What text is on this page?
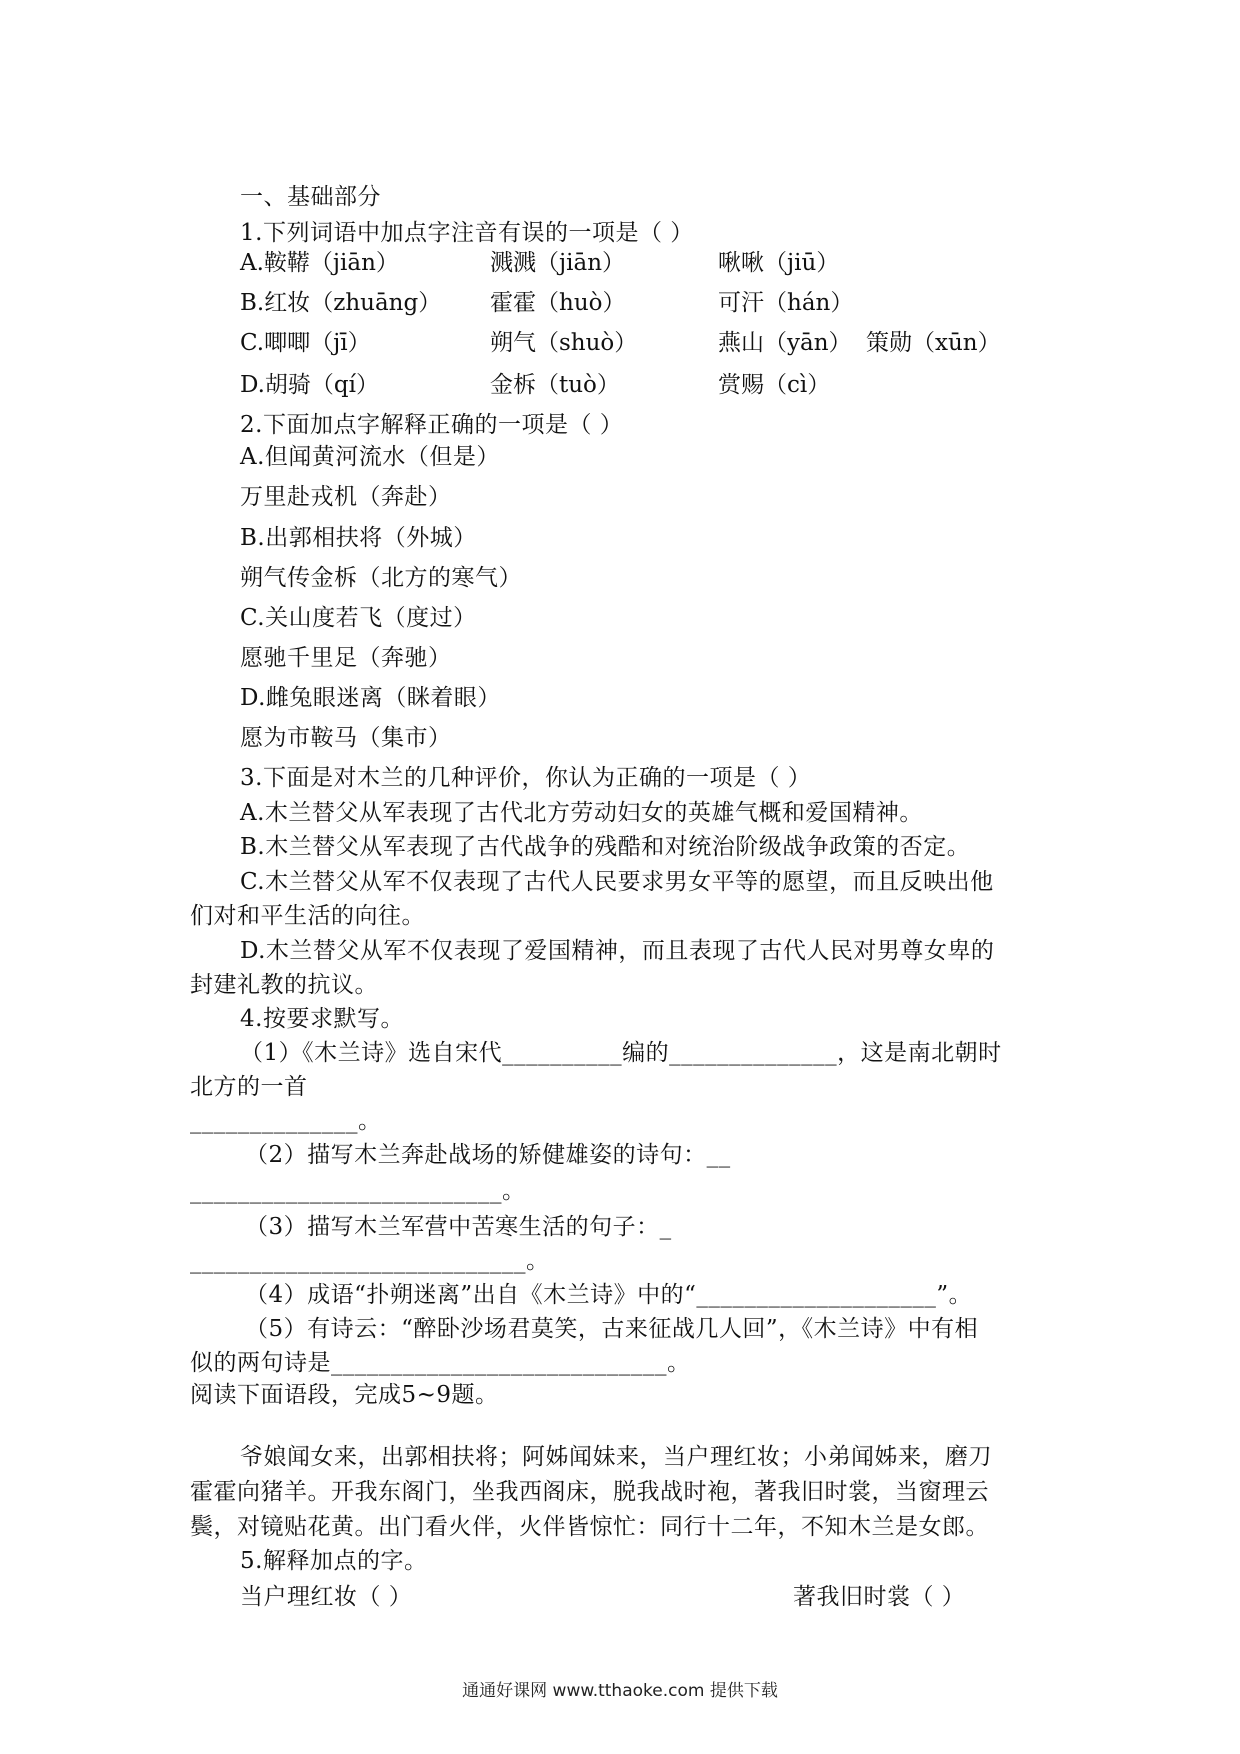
一、基础部分

1.下列词语中加点字注音有误的一项是（ ）

A.鞍鞯（jiān）	溅溅（jiān）	啾啾（jiū）
B.红妆（zhuāng） 霍霍（huò）	可汗（hán）
C.唧唧（jī）	朔气（shuò）	燕山（yān） 策勋（xūn）
D.胡骑（qí）	金柝（tuò）	赏赐（cì）

2.下面加点字解释正确的一项是（ ）

A.但闻黄河流水（但是）

万里赴戎机（奔赴）

B.出郭相扶将（外城）

朔气传金柝（北方的寒气）

C.关山度若飞（度过）

愿驰千里足（奔驰）

D.雌兔眼迷离（眯着眼）

愿为市鞍马（集市）

3.下面是对木兰的几种评价，你认为正确的一项是（ ）

A.木兰替父从军表现了古代北方劳动妇女的英雄气概和爱国精神。

B.木兰替父从军表现了古代战争的残酷和对统治阶级战争政策的否定。

C.木兰替父从军不仅表现了古代人民要求男女平等的愿望，而且反映出他

们对和平生活的向往。

D.木兰替父从军不仅表现了爱国精神，而且表现了古代人民对男尊女卑的

封建礼教的抗议。

4.按要求默写。

（1）《木兰诗》选自宋代__________编的______________，这是南北朝时

北方的一首

______________。

（2）描写木兰奔赴战场的矫健雄姿的诗句：__

__________________________。

（3）描写木兰军营中苦寒生活的句子：_

____________________________。

（4）成语“扑朔迷离”出自《木兰诗》中的“____________________”。

（5）有诗云：“醉卧沙场君莫笑，古来征战几人回”，《木兰诗》中有相

似的两句诗是____________________________。

阅读下面语段，完成5~9题。

爷娘闻女来，出郭相扶将；阿姊闻妹来，当户理红妆；小弟闻姊来，磨刀

霍霍向猪羊。开我东阁门，坐我西阁床，脱我战时袍，著我旧时裳，当窗理云

鬓，对镜贴花黄。出门看火伴，火伴皆惊忙：同行十二年，不知木兰是女郎。

5.解释加点的字。

当户理红妆（ ）	著我旧时裳（ ）

通通好课网 www.tthaoke.com 提供下载
